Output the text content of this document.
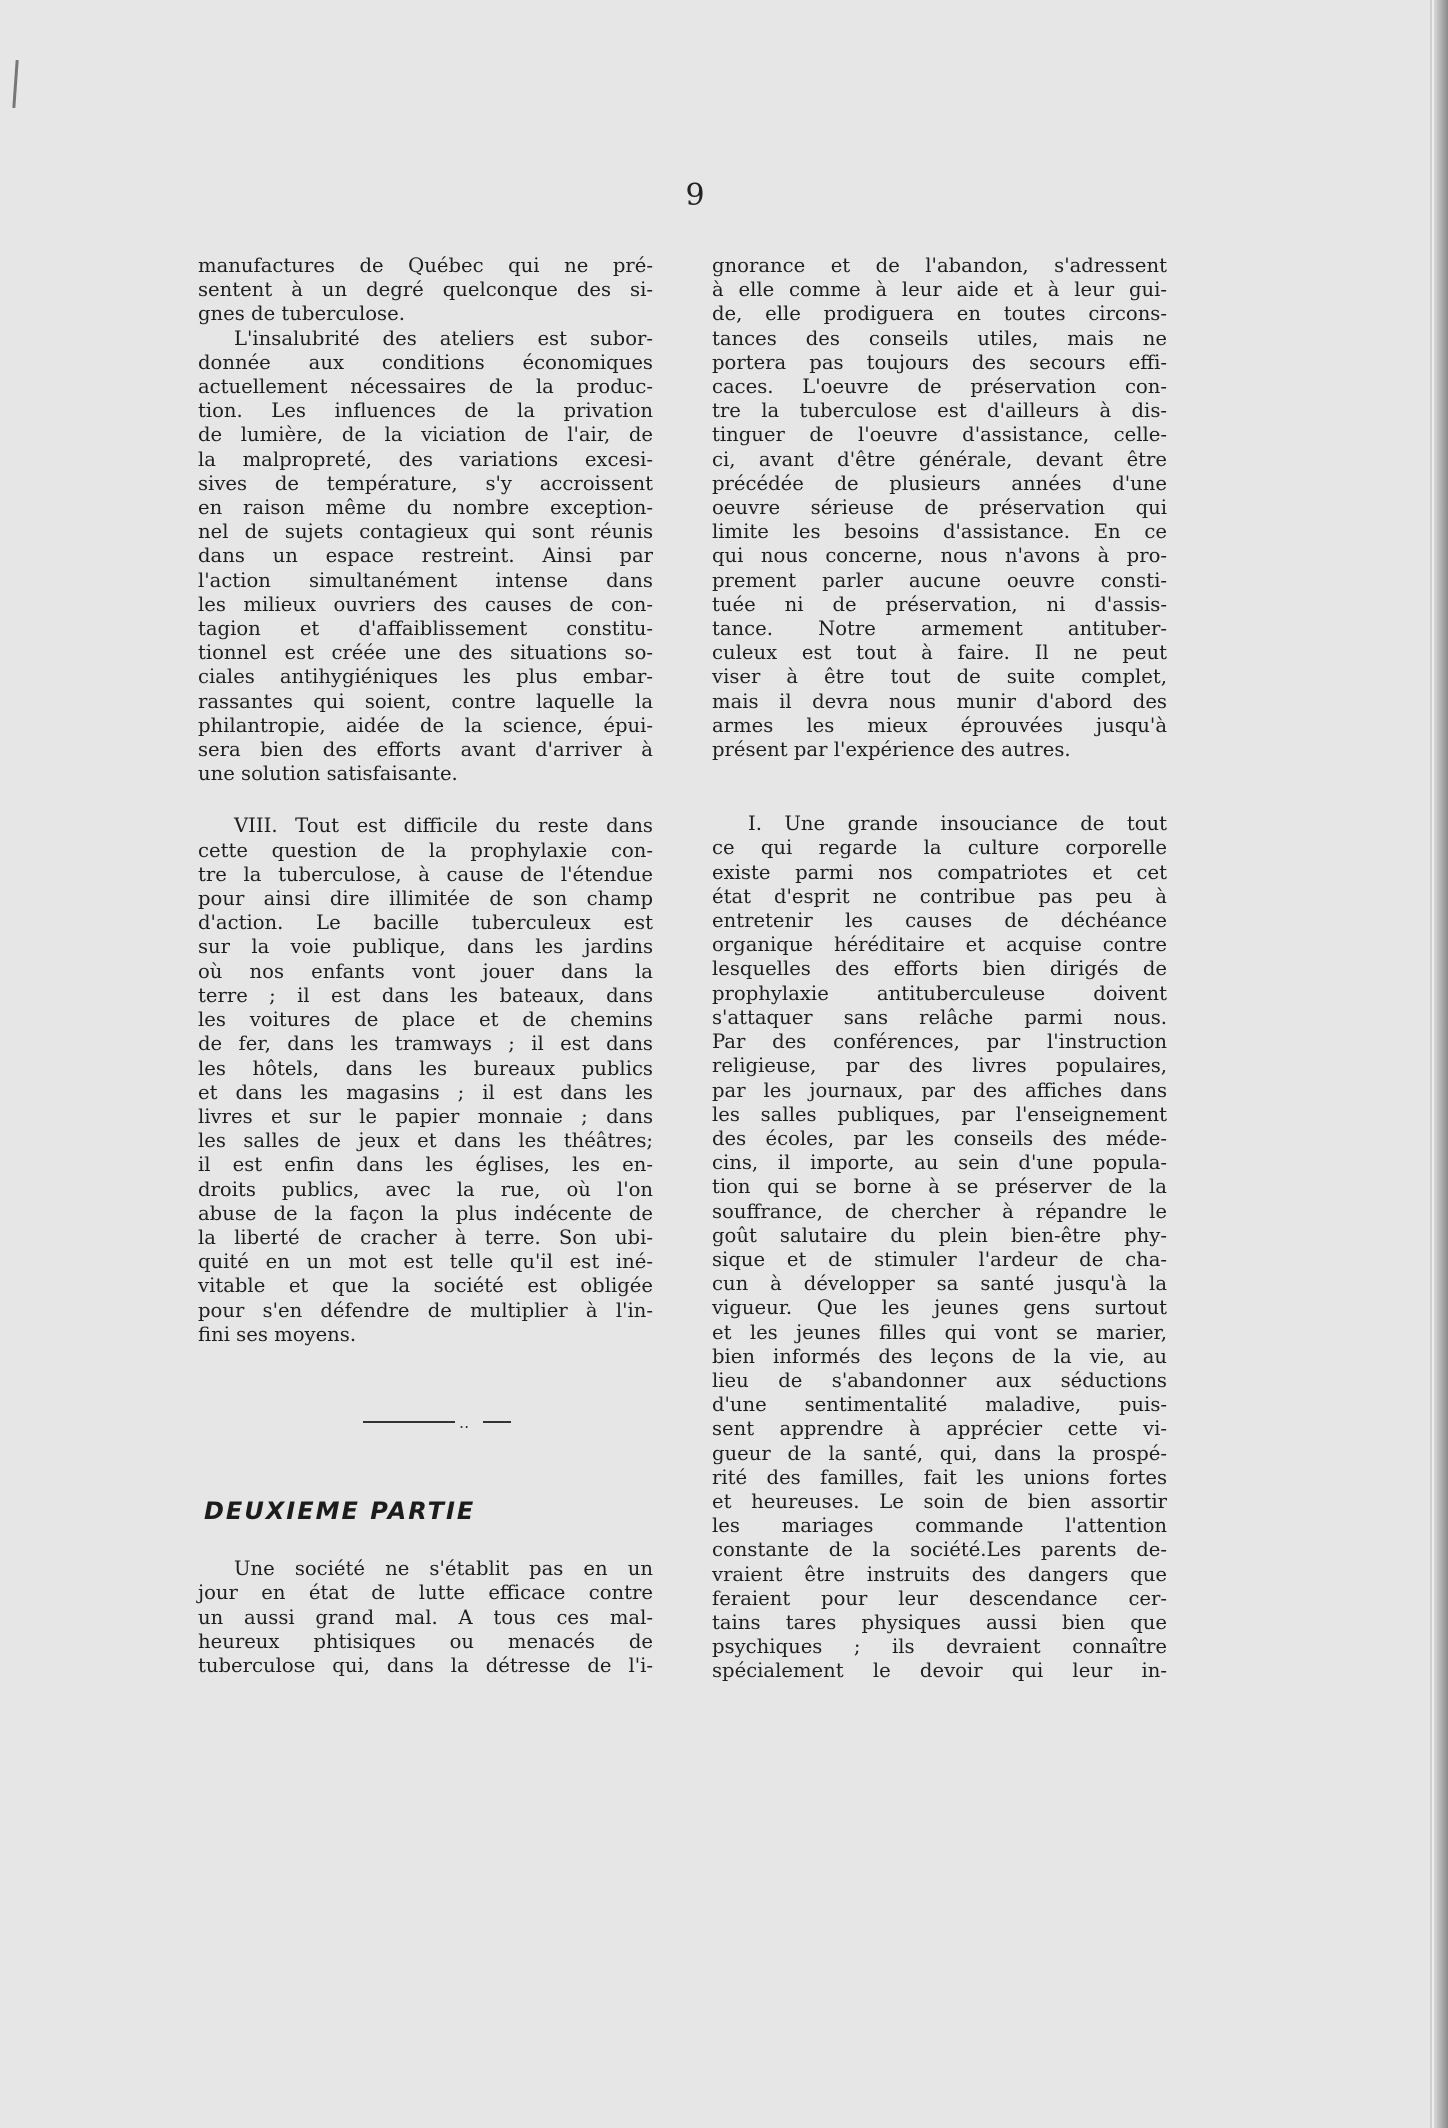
9
manufactures de Québec qui ne pré-
sentent à un degré quelconque des si-
gnes de tuberculose.
L'insalubrité des ateliers est subor-
donnée aux conditions économiques
actuellement nécessaires de la produc-
tion. Les influences de la privation
de lumière, de la viciation de l'air, de
la malpropreté, des variations excesi-
sives de température, s'y accroissent
en raison même du nombre exception-
nel de sujets contagieux qui sont réunis
dans un espace restreint. Ainsi par
l'action simultanément intense dans
les milieux ouvriers des causes de con-
tagion et d'affaiblissement constitu-
tionnel est créée une des situations so-
ciales antihygiéniques les plus embar-
rassantes qui soient, contre laquelle la
philantropie, aidée de la science, épui-
sera bien des efforts avant d'arriver à
une solution satisfaisante.
VIII. Tout est difficile du reste dans
cette question de la prophylaxie con-
tre la tuberculose, à cause de l'étendue
pour ainsi dire illimitée de son champ
d'action. Le bacille tuberculeux est
sur la voie publique, dans les jardins
où nos enfants vont jouer dans la
terre ; il est dans les bateaux, dans
les voitures de place et de chemins
de fer, dans les tramways ; il est dans
les hôtels, dans les bureaux publics
et dans les magasins ; il est dans les
livres et sur le papier monnaie ; dans
les salles de jeux et dans les théâtres;
il est enfin dans les églises, les en-
droits publics, avec la rue, où l'on
abuse de la façon la plus indécente de
la liberté de cracher à terre. Son ubi-
quité en un mot est telle qu'il est iné-
vitable et que la société est obligée
pour s'en défendre de multiplier à l'in-
fini ses moyens.
..
DEUXIEME PARTIE
Une société ne s'établit pas en un
jour en état de lutte efficace contre
un aussi grand mal. A tous ces mal-
heureux phtisiques ou menacés de
tuberculose qui, dans la détresse de l'i-
gnorance et de l'abandon, s'adressent
à elle comme à leur aide et à leur gui-
de, elle prodiguera en toutes circons-
tances des conseils utiles, mais ne
portera pas toujours des secours effi-
caces. L'oeuvre de préservation con-
tre la tuberculose est d'ailleurs à dis-
tinguer de l'oeuvre d'assistance, celle-
ci, avant d'être générale, devant être
précédée de plusieurs années d'une
oeuvre sérieuse de préservation qui
limite les besoins d'assistance. En ce
qui nous concerne, nous n'avons à pro-
prement parler aucune oeuvre consti-
tuée ni de préservation, ni d'assis-
tance. Notre armement antituber-
culeux est tout à faire. Il ne peut
viser à être tout de suite complet,
mais il devra nous munir d'abord des
armes les mieux éprouvées jusqu'à
présent par l'expérience des autres.
I. Une grande insouciance de tout
ce qui regarde la culture corporelle
existe parmi nos compatriotes et cet
état d'esprit ne contribue pas peu à
entretenir les causes de déchéance
organique héréditaire et acquise contre
lesquelles des efforts bien dirigés de
prophylaxie antituberculeuse doivent
s'attaquer sans relâche parmi nous.
Par des conférences, par l'instruction
religieuse, par des livres populaires,
par les journaux, par des affiches dans
les salles publiques, par l'enseignement
des écoles, par les conseils des méde-
cins, il importe, au sein d'une popula-
tion qui se borne à se préserver de la
souffrance, de chercher à répandre le
goût salutaire du plein bien-être phy-
sique et de stimuler l'ardeur de cha-
cun à développer sa santé jusqu'à la
vigueur. Que les jeunes gens surtout
et les jeunes filles qui vont se marier,
bien informés des leçons de la vie, au
lieu de s'abandonner aux séductions
d'une sentimentalité maladive, puis-
sent apprendre à apprécier cette vi-
gueur de la santé, qui, dans la prospé-
rité des familles, fait les unions fortes
et heureuses. Le soin de bien assortir
les mariages commande l'attention
constante de la société.Les parents de-
vraient être instruits des dangers que
feraient pour leur descendance cer-
tains tares physiques aussi bien que
psychiques ; ils devraient connaître
spécialement le devoir qui leur in-
